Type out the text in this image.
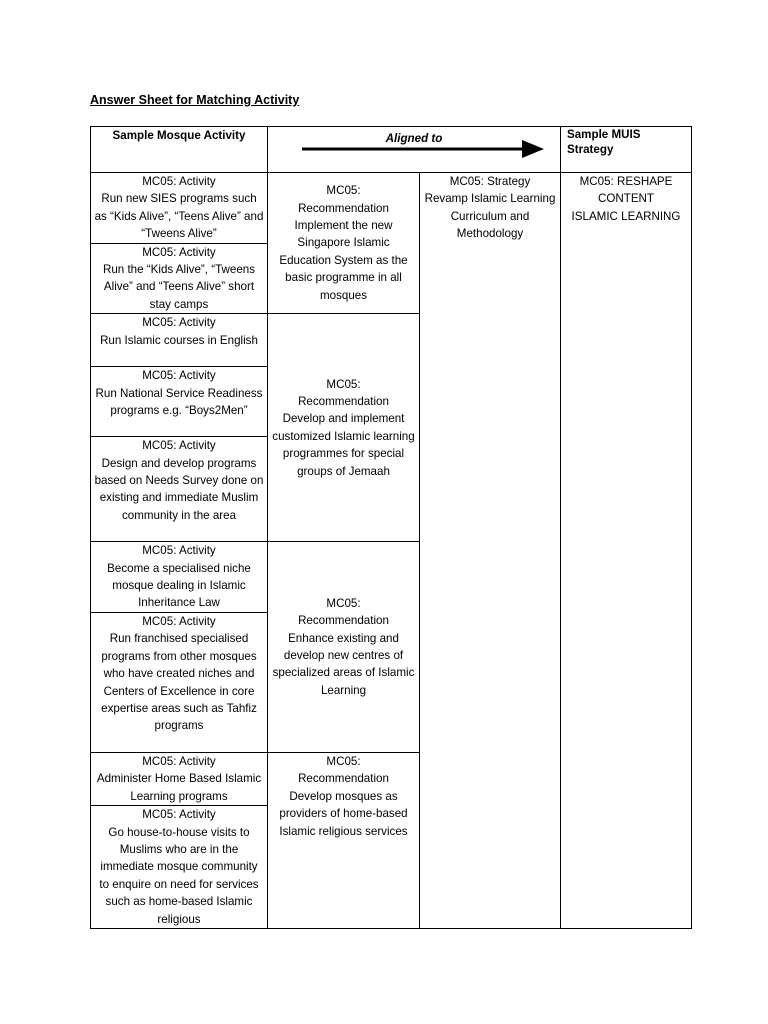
Answer Sheet for Matching Activity
Sample Mosque Activity	Aligned to		Sample MUIS Strategy

MC05: Activity
Run new SIES programs such as “Kids Alive”, “Teens Alive” and “Tweens Alive”	MC05:
Recommendation
Implement the new Singapore Islamic Education System as the basic programme in all mosques	MC05: Strategy
Revamp Islamic Learning Curriculum and Methodology	MC05: RESHAPE
CONTENT
ISLAMIC LEARNING

MC05: Activity
Run the “Kids Alive”, “Tweens Alive” and “Teens Alive” short stay camps			

MC05: Activity
Run Islamic courses in English	MC05:
Recommendation
Develop and implement customized Islamic learning programmes for special groups of Jemaah		

MC05: Activity
Run National Service Readiness programs e.g. “Boys2Men”			

MC05: Activity
Design and develop programs based on Needs Survey done on existing and immediate Muslim community in the area			

MC05: Activity
Become a specialised niche mosque dealing in Islamic Inheritance Law	MC05:
Recommendation
Enhance existing and develop new centres of specialized areas of Islamic Learning		

MC05: Activity
Run franchised specialised programs from other mosques who have created niches and Centers of Excellence in core expertise areas such as Tahfiz programs			

MC05: Activity
Administer Home Based Islamic Learning programs	MC05:
Recommendation
Develop mosques as providers of home-based Islamic religious services		

MC05: Activity
Go house-to-house visits to Muslims who are in the immediate mosque community to enquire on need for services such as home-based Islamic religious			
